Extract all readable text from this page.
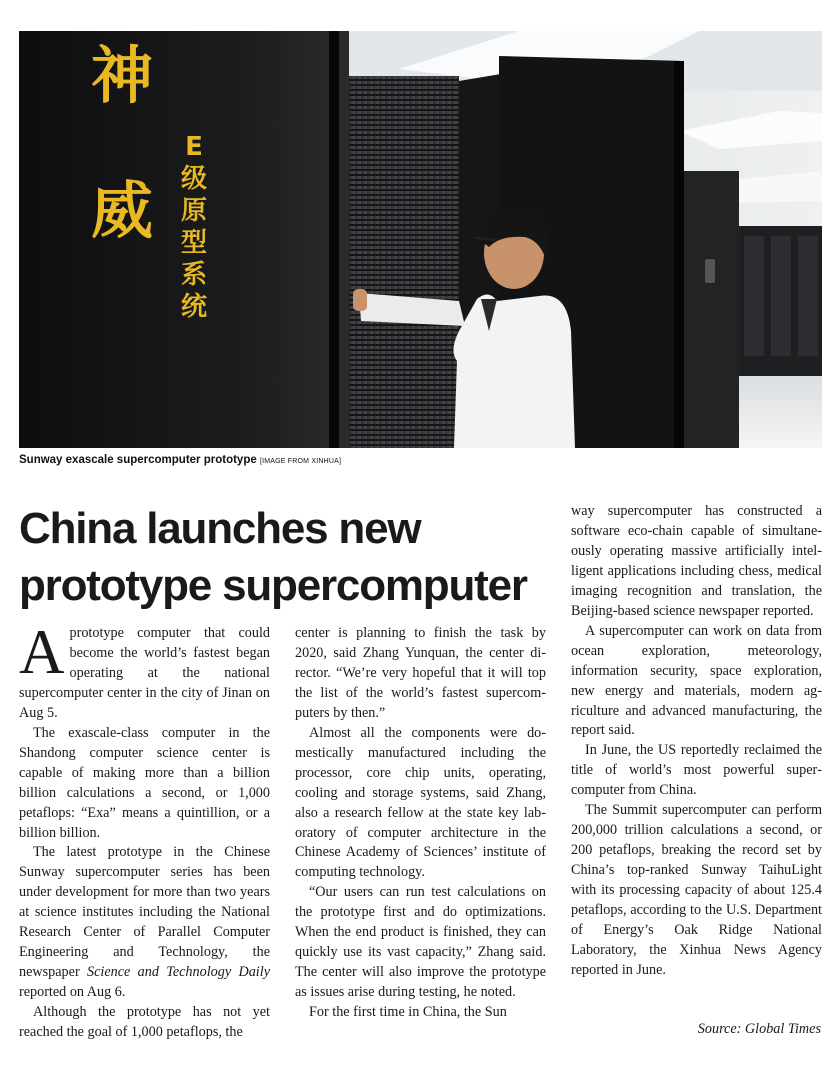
神
威
E
级
原
型
系
统
Sunway exascale supercomputer prototype [IMAGE FROM XINHUA]
China launches new
prototype supercomputer

Aprototype computer that could become the world’s fastest began operating at the national supercomputer center in the city of Jinan on Aug 5.

The exascale-class computer in the Shandong computer science center is capable of making more than a billion billion calculations a second, or 1,000 petaflops: “Exa” means a quintillion, or a billion billion.

The latest prototype in the Chinese Sunway supercomputer series has been under development for more than two years at science institutes including the National Research Center of Parallel Computer Engineering and Technology, the newspaper Science and Technology Daily reported on Aug 6.

Although the prototype has not yet reached the goal of 1,000 petaflops, the

center is planning to finish the task by 2020, said Zhang Yunquan, the center director. “We’re very hopeful that it will top the list of the world’s fastest supercomputers by then.”

Almost all the components were domestically manufactured including the processor, core chip units, operating, cooling and storage systems, said Zhang, also a research fellow at the state key laboratory of computer architecture in the Chinese Academy of Sciences’ institute of computing technology.

“Our users can run test calculations on the prototype first and do optimizations. When the end product is finished, they can quickly use its vast capacity,” Zhang said. The center will also improve the prototype as issues arise during testing, he noted.

For the first time in China, the Sun

way supercomputer has constructed a software eco-chain capable of simultaneously operating massive artificially intelligent applications including chess, medical imaging recognition and translation, the Beijing-based science newspaper reported.

A supercomputer can work on data from ocean exploration, meteorology, information security, space exploration, new energy and materials, modern agriculture and advanced manufacturing, the report said.

In June, the US reportedly reclaimed the title of world’s most powerful supercomputer from China.

The Summit supercomputer can perform 200,000 trillion calculations a second, or 200 petaflops, breaking the record set by China’s top-ranked Sunway TaihuLight with its processing capacity of about 125.4 petaflops, according to the U.S. Department of Energy’s Oak Ridge National Laboratory, the Xinhua News Agency reported in June.

Source: Global Times
